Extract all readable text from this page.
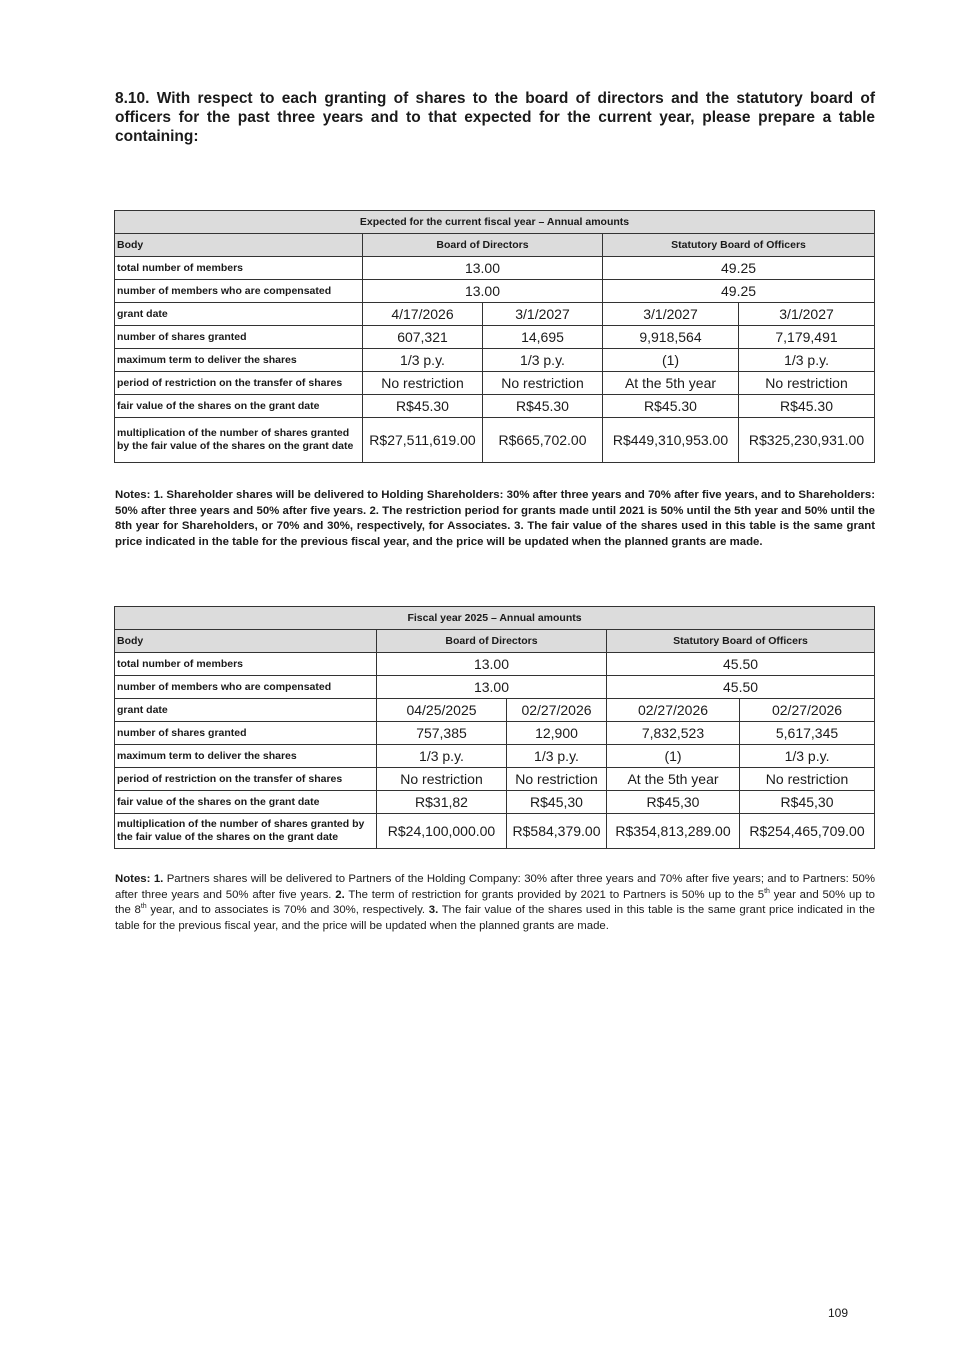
8.10. With respect to each granting of shares to the board of directors and the statutory board of officers for the past three years and to that expected for the current year, please prepare a table containing:
Expected for the current fiscal year – Annual amounts				
Body	Board of Directors		Statutory Board of Officers	
total number of members	13.00		49.25	
number of members who are compensated	13.00		49.25	
grant date	4/17/2026	3/1/2027	3/1/2027	3/1/2027
number of shares granted	607,321	14,695	9,918,564	7,179,491
maximum term to deliver the shares	1/3 p.y.	1/3 p.y.	(1)	1/3 p.y.
period of restriction on the transfer of shares	No restriction	No restriction	At the 5th year	No restriction
fair value of the shares on the grant date	R$45.30	R$45.30	R$45.30	R$45.30
multiplication of the number of shares granted by the fair value of the shares on the grant date	R$27,511,619.00	R$665,702.00	R$449,310,953.00	R$325,230,931.00
Notes: 1. Shareholder shares will be delivered to Holding Shareholders: 30% after three years and 70% after five years, and to Shareholders: 50% after three years and 50% after five years. 2. The restriction period for grants made until 2021 is 50% until the 5th year and 50% until the 8th year for Shareholders, or 70% and 30%, respectively, for Associates. 3. The fair value of the shares used in this table is the same grant price indicated in the table for the previous fiscal year, and the price will be updated when the planned grants are made.
Fiscal year 2025 – Annual amounts				
Body	Board of Directors		Statutory Board of Officers	
total number of members	13.00		45.50	
number of members who are compensated	13.00		45.50	
grant date	04/25/2025	02/27/2026	02/27/2026	02/27/2026
number of shares granted	757,385	12,900	7,832,523	5,617,345
maximum term to deliver the shares	1/3 p.y.	1/3 p.y.	(1)	1/3 p.y.
period of restriction on the transfer of shares	No restriction	No restriction	At the 5th year	No restriction
fair value of the shares on the grant date	R$31,82	R$45,30	R$45,30	R$45,30
multiplication of the number of shares granted by the fair value of the shares on the grant date	R$24,100,000.00	R$584,379.00	R$354,813,289.00	R$254,465,709.00
Notes: 1. Partners shares will be delivered to Partners of the Holding Company: 30% after three years and 70% after five years; and to Partners: 50% after three years and 50% after five years. 2. The term of restriction for grants provided by 2021 to Partners is 50% up to the 5th year and 50% up to the 8th year, and to associates is 70% and 30%, respectively. 3. The fair value of the shares used in this table is the same grant price indicated in the table for the previous fiscal year, and the price will be updated when the planned grants are made.
109
